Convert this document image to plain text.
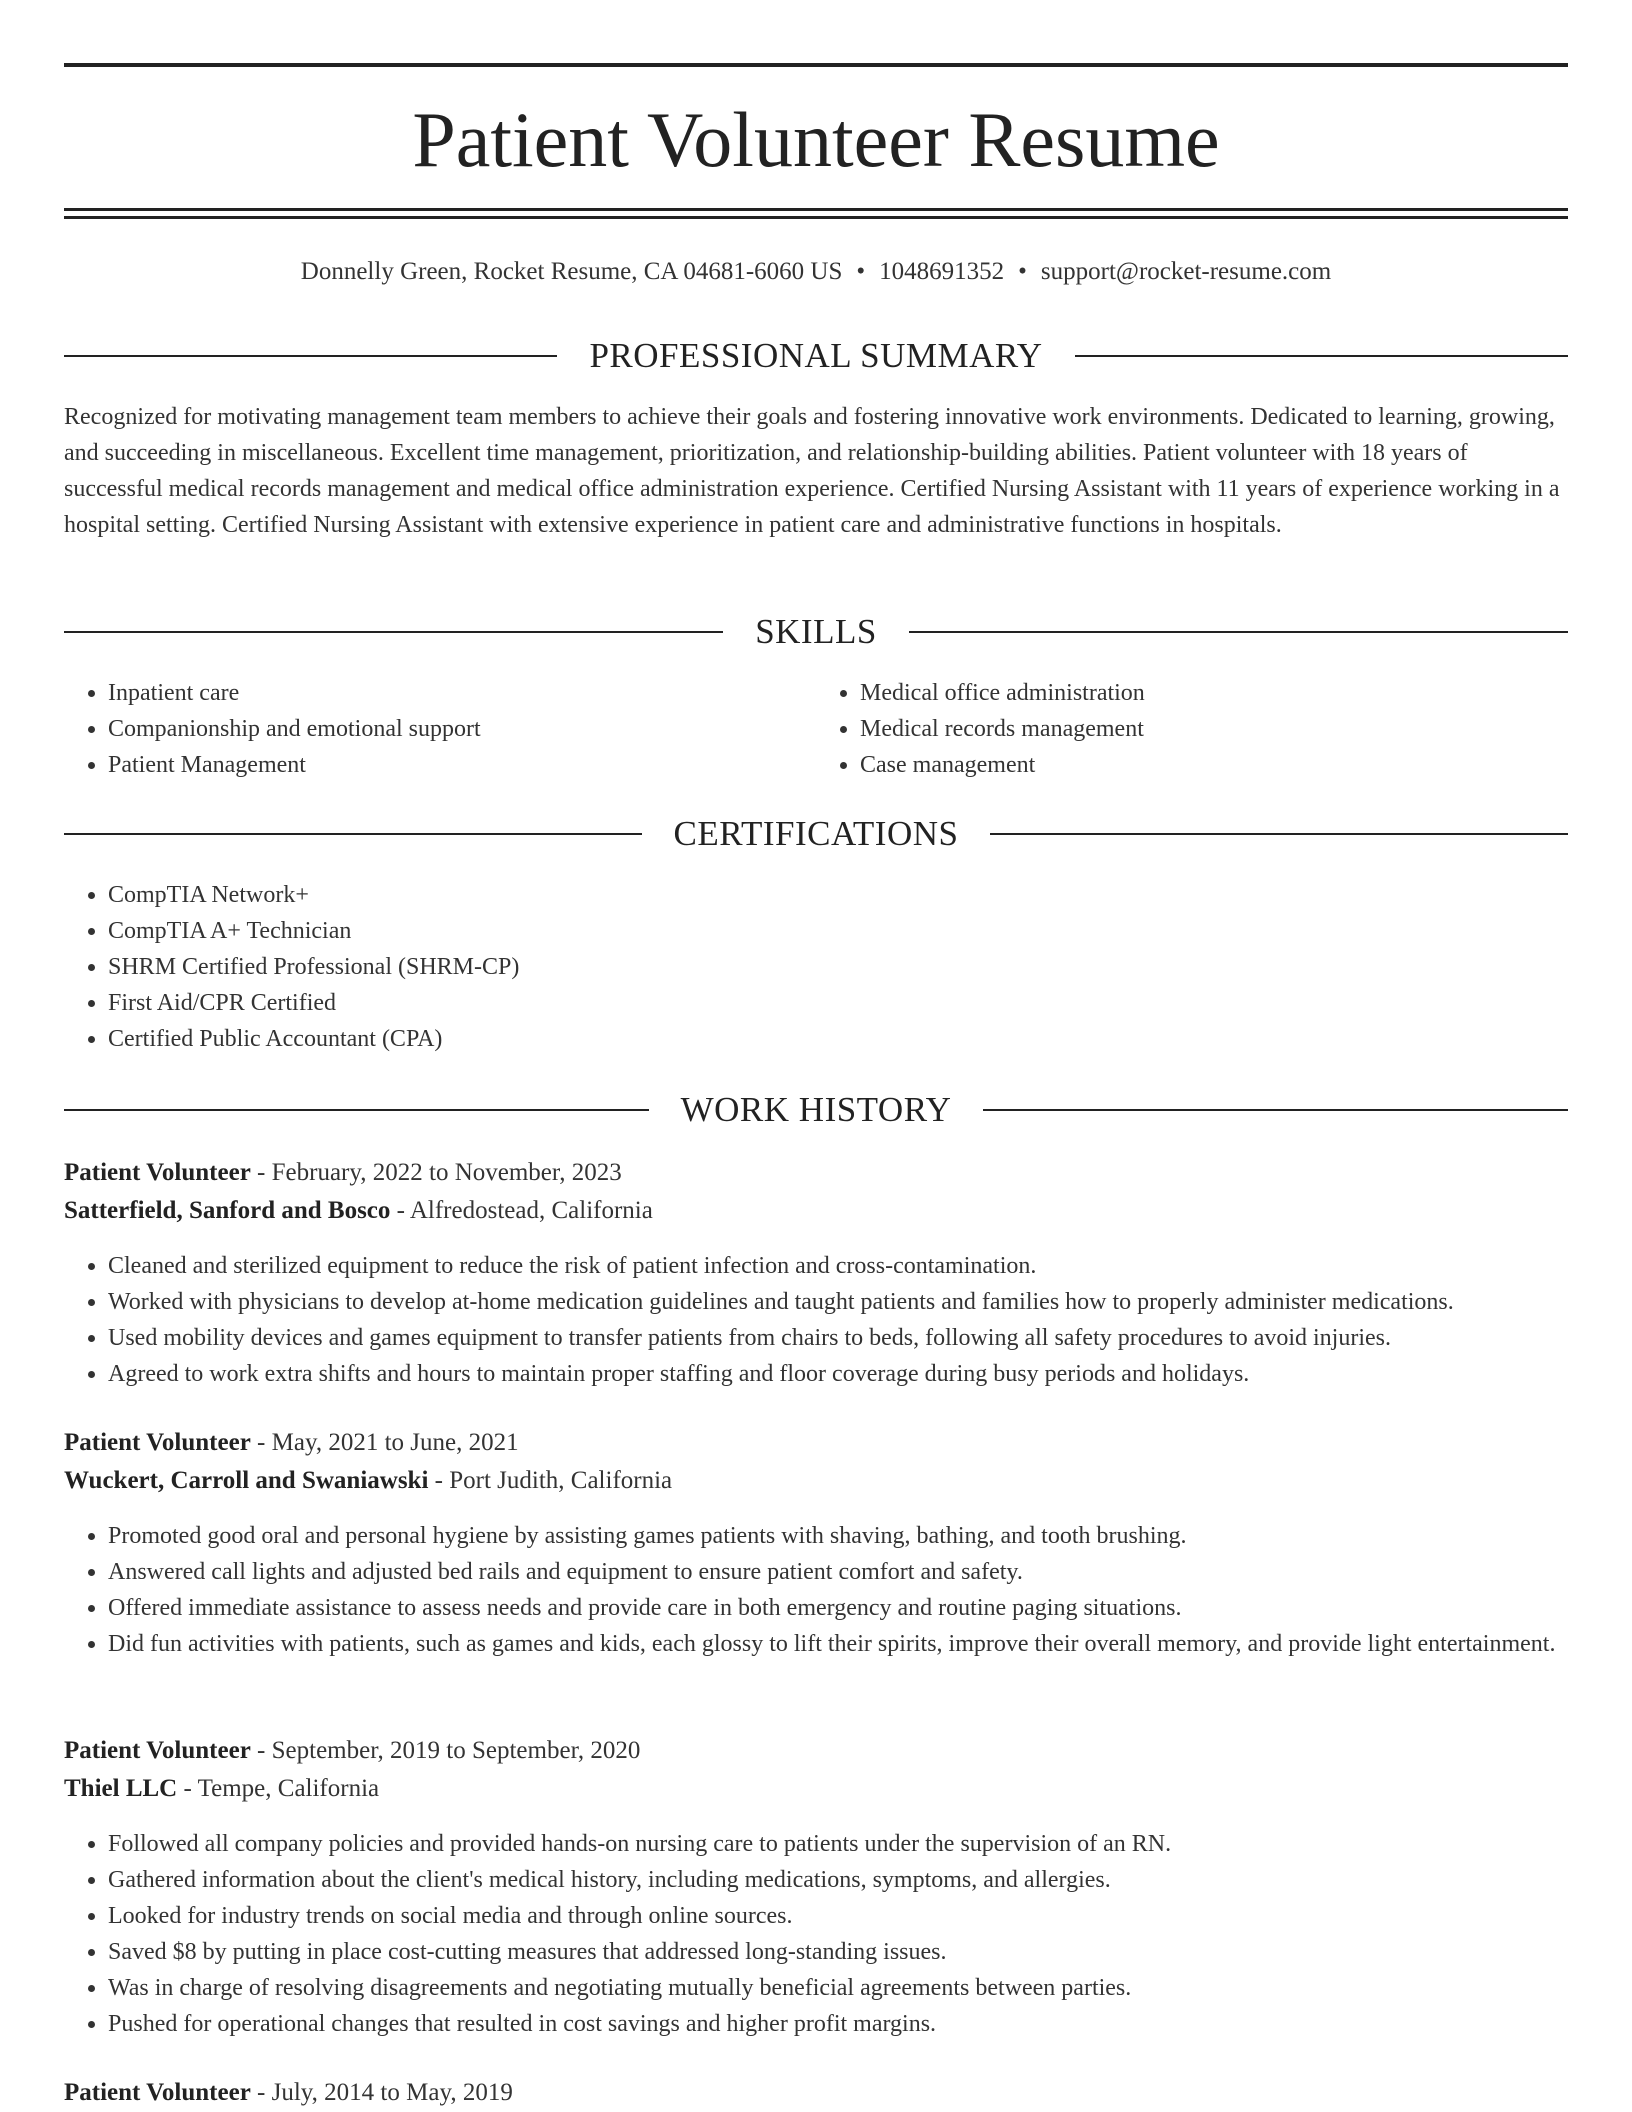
Patient Volunteer Resume
Donnelly Green, Rocket Resume, CA 04681-6060 US • 1048691352 • support@rocket-resume.com
PROFESSIONAL SUMMARY
Recognized for motivating management team members to achieve their goals and fostering innovative work environments. Dedicated to learning, growing, and succeeding in miscellaneous. Excellent time management, prioritization, and relationship-building abilities. Patient volunteer with 18 years of successful medical records management and medical office administration experience. Certified Nursing Assistant with 11 years of experience working in a hospital setting. Certified Nursing Assistant with extensive experience in patient care and administrative functions in hospitals.
SKILLS
• Inpatient care
• Companionship and emotional support
• Patient Management
• Medical office administration
• Medical records management
• Case management
CERTIFICATIONS
• CompTIA Network+
• CompTIA A+ Technician
• SHRM Certified Professional (SHRM-CP)
• First Aid/CPR Certified
• Certified Public Accountant (CPA)
WORK HISTORY
Patient Volunteer - February, 2022 to November, 2023
Satterfield, Sanford and Bosco - Alfredostead, California
• Cleaned and sterilized equipment to reduce the risk of patient infection and cross-contamination.
• Worked with physicians to develop at-home medication guidelines and taught patients and families how to properly administer medications.
• Used mobility devices and games equipment to transfer patients from chairs to beds, following all safety procedures to avoid injuries.
• Agreed to work extra shifts and hours to maintain proper staffing and floor coverage during busy periods and holidays.
Patient Volunteer - May, 2021 to June, 2021
Wuckert, Carroll and Swaniawski - Port Judith, California
• Promoted good oral and personal hygiene by assisting games patients with shaving, bathing, and tooth brushing.
• Answered call lights and adjusted bed rails and equipment to ensure patient comfort and safety.
• Offered immediate assistance to assess needs and provide care in both emergency and routine paging situations.
• Did fun activities with patients, such as games and kids, each glossy to lift their spirits, improve their overall memory, and provide light entertainment.
Patient Volunteer - September, 2019 to September, 2020
Thiel LLC - Tempe, California
• Followed all company policies and provided hands-on nursing care to patients under the supervision of an RN.
• Gathered information about the client's medical history, including medications, symptoms, and allergies.
• Looked for industry trends on social media and through online sources.
• Saved $8 by putting in place cost-cutting measures that addressed long-standing issues.
• Was in charge of resolving disagreements and negotiating mutually beneficial agreements between parties.
• Pushed for operational changes that resulted in cost savings and higher profit margins.
Patient Volunteer - July, 2014 to May, 2019
